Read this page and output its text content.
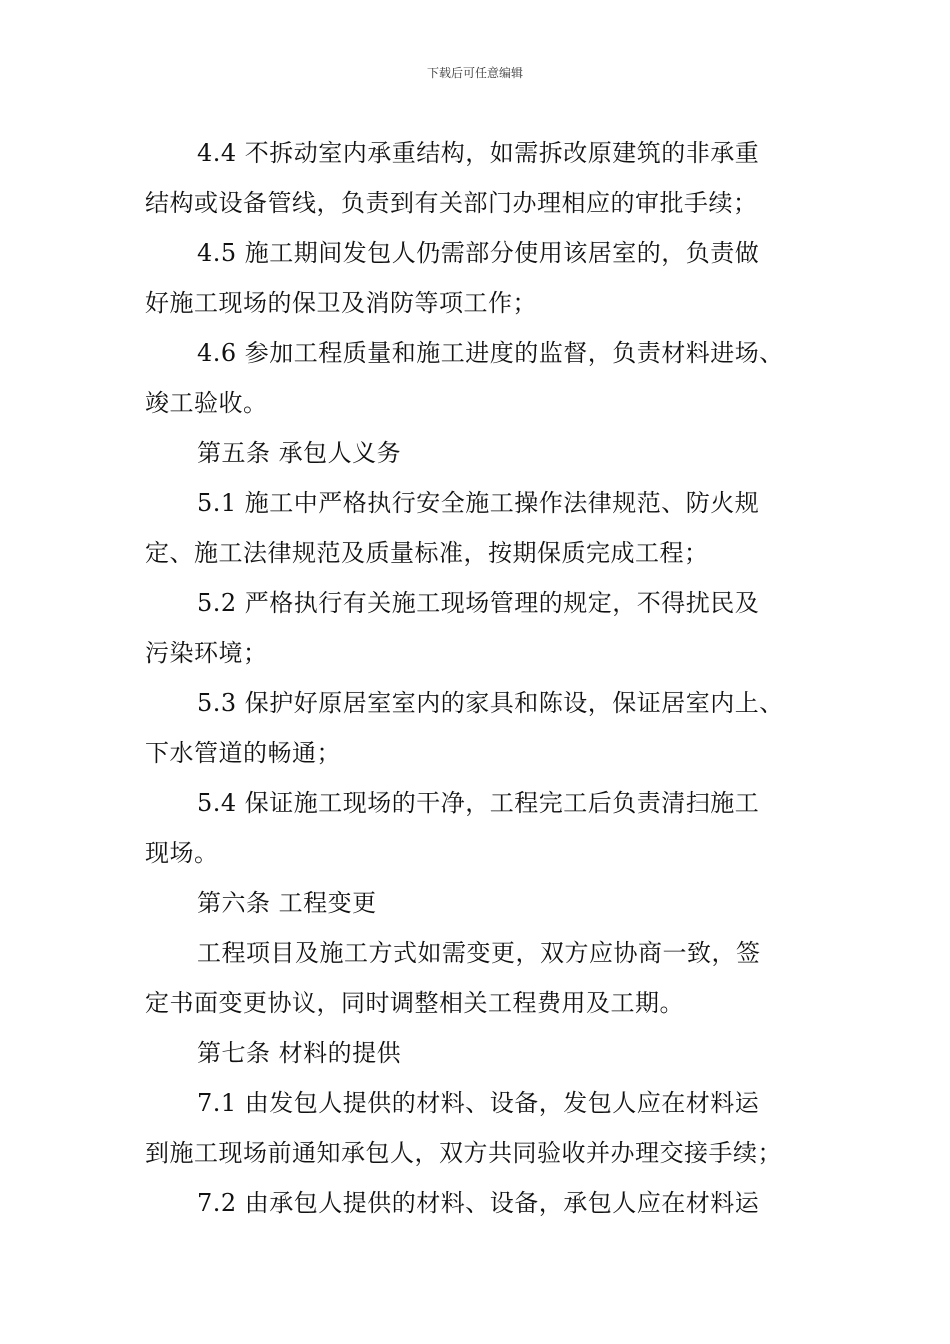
下载后可任意编辑
4.4 不拆动室内承重结构，如需拆改原建筑的非承重
结构或设备管线，负责到有关部门办理相应的审批手续；
4.5 施工期间发包人仍需部分使用该居室的，负责做
好施工现场的保卫及消防等项工作；
4.6 参加工程质量和施工进度的监督，负责材料进场、
竣工验收。
第五条 承包人义务
5.1 施工中严格执行安全施工操作法律规范、防火规
定、施工法律规范及质量标准，按期保质完成工程；
5.2 严格执行有关施工现场管理的规定，不得扰民及
污染环境；
5.3 保护好原居室室内的家具和陈设，保证居室内上、
下水管道的畅通；
5.4 保证施工现场的干净，工程完工后负责清扫施工
现场。
第六条 工程变更
工程项目及施工方式如需变更，双方应协商一致，签
定书面变更协议，同时调整相关工程费用及工期。
第七条 材料的提供
7.1 由发包人提供的材料、设备，发包人应在材料运
到施工现场前通知承包人，双方共同验收并办理交接手续；
7.2 由承包人提供的材料、设备，承包人应在材料运
